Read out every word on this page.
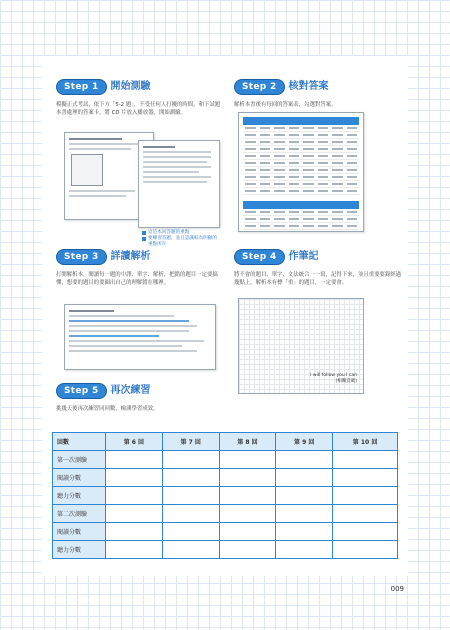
Step 1 開始測驗
模擬正式考試，依下方「5-2 題」，不受任何人打擾的時間，和下試題本書處理的答案卡，將 CD 片放入播放器，開始測驗。
這是本回答題的重點
要練習答題，並且認識較為明顯的重點所在
Step 2 核對答案
解析本書後有每回的答案表，勾選對答案。
Step 3 詳讀解析
打開解析本，閱讀每一題的中譯、單字、解析，把錯的題目一定要搞懂，想要的題目的要圈出自己的理解錯在哪裡。
Step 4 作筆記
將不會的題目、單字、文法統合一一寫，記得下來，並且重要要錄經過幾點上，解析本有標「重」的題目，一定要會。
I will follow you I can
(相關頁碼)
Step 5 再次練習
挑幾天後再次練習同回數，檢測學習成效。
回數	第 6 回	第 7 回	第 8 回	第 9 回	第 10 回
第一次測驗					
閱讀分數					
聽力分數					
第二次測驗					
閱讀分數					
聽力分數					
009
